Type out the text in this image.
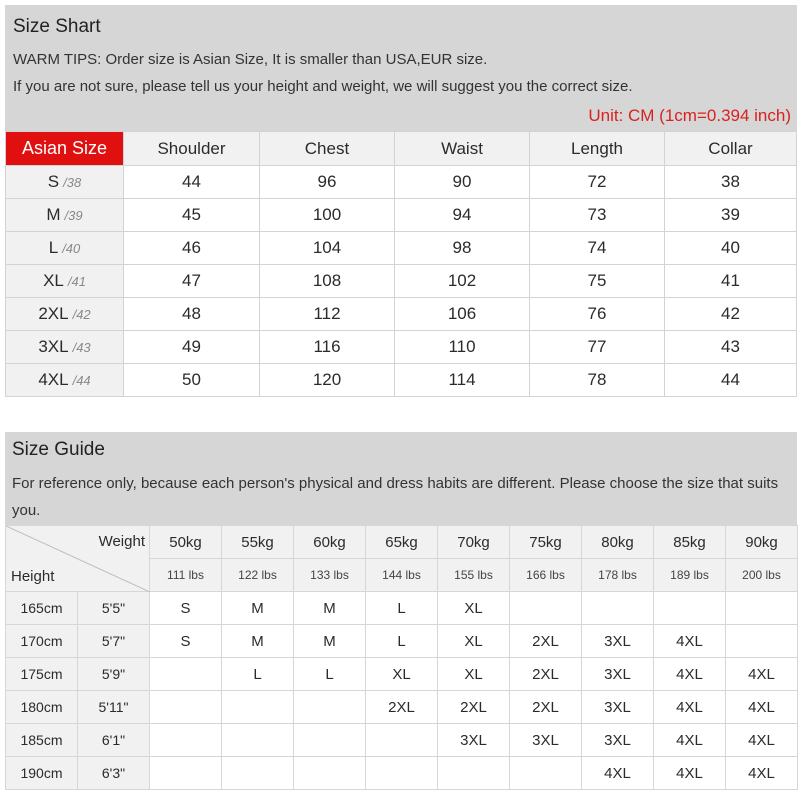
Size Shart
WARM TIPS: Order size is Asian Size, It is smaller than USA,EUR size.
If you are not sure, please tell us your height and weight, we will suggest you the correct size.
Unit: CM (1cm=0.394 inch)
Asian Size	Shoulder	Chest	Waist	Length	Collar
S /38	44	96	90	72	38
M /39	45	100	94	73	39
L /40	46	104	98	74	40
XL /41	47	108	102	75	41
2XL /42	48	112	106	76	42
3XL /43	49	116	110	77	43
4XL /44	50	120	114	78	44
Size Guide
For reference only, because each person's physical and dress habits are different. Please choose the size that suits you.
Weight
Height		50kg	55kg	60kg	65kg	70kg	75kg	80kg	85kg	90kg
		111 lbs	122 lbs	133 lbs	144 lbs	155 lbs	166 lbs	178 lbs	189 lbs	200 lbs
165cm	5'5"	S	M	M	L	XL				
170cm	5'7"	S	M	M	L	XL	2XL	3XL	4XL	
175cm	5'9"		L	L	XL	XL	2XL	3XL	4XL	4XL
180cm	5'11"				2XL	2XL	2XL	3XL	4XL	4XL
185cm	6'1"					3XL	3XL	3XL	4XL	4XL
190cm	6'3"							4XL	4XL	4XL
